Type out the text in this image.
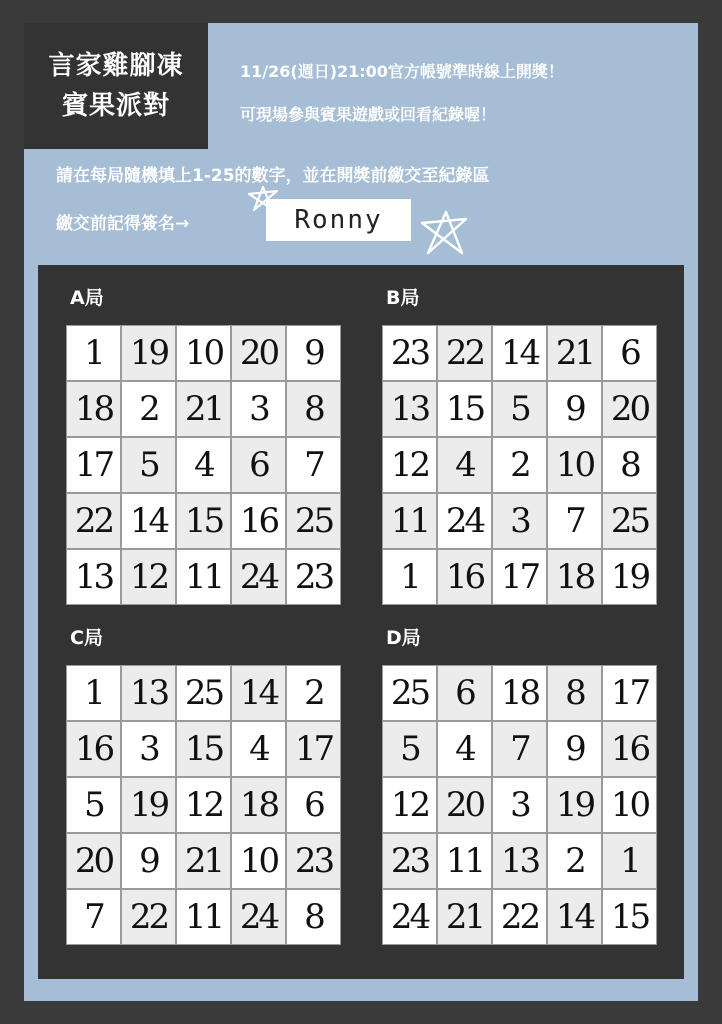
言家雞腳凍
賓果派對
11/26(週日)21:00官方帳號準時線上開獎！
可現場參與賓果遊戲或回看紀錄喔！
請在每局隨機填上1-25的數字，並在開獎前繳交至紀錄區
繳交前記得簽名→	Ronny
A局	B局
C局	D局
1 19 10 20 9
18 2 21 3	8
17 5	4	6	7
22 14 15 16 25
13 12 11 24 23
23 22 14 21 6
13 15 5	9 20
12 4	2 10 8
11 24 3	7 25
1 16 17 18 19
1 13 25 14 2
16 3 15 4 17
5 19 12 18 6
20 9 21 10 23
7 22 11 24 8
25 6 18 8 17
5	4	7	9 16
12 20 3 19 10
23 11 13 2	1
24 21 22 14 15
